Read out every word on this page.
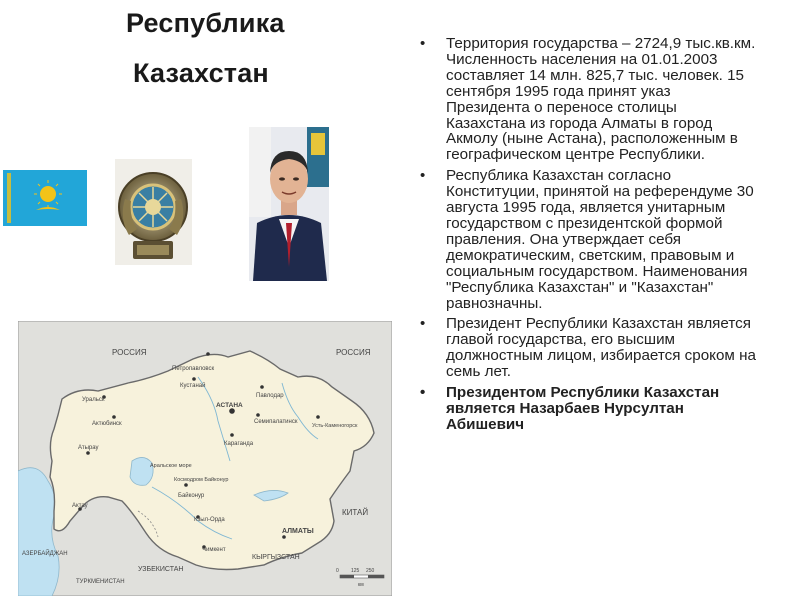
Республика
Казахстан
РОССИЯ	РОССИЯ
Петропавловск
Кустанай
Павлодар
Уральск
АСТАНА
Семипалатинск
Усть-Каменогорск
Актюбинск
Караганда
Атырау
Аральское море
Космодром Байконур
Байконур
Кзыл-Орда
Актау
АЛМАТЫ
КИТАЙ
Чимкент
АЗЕРБАЙДЖАН	КЫРГЫЗСТАН
УЗБЕКИСТАН
ТУРКМЕНИСТАН
0 125 250
км
• Территория государства – 2724,9 тыс.кв.км. Численность населения на 01.01.2003 составляет 14 млн. 825,7 тыс. человек. 15 сентября 1995 года принят указ Президента о переносе столицы Казахстана из города Алматы в город Акмолу (ныне Астана), расположенным в географическом центре Республики.
• Республика Казахстан согласно Конституции, принятой на референдуме 30 августа 1995 года, является унитарным государством с президентской формой правления. Она утверждает себя демократическим, светским, правовым и социальным государством. Наименования "Республика Казахстан" и "Казахстан" равнозначны.
• Президент Республики Казахстан является главой государства, его высшим должностным лицом, избирается сроком на семь лет.
• Президентом Республики Казахстан является Назарбаев Нурсултан Абишевич
